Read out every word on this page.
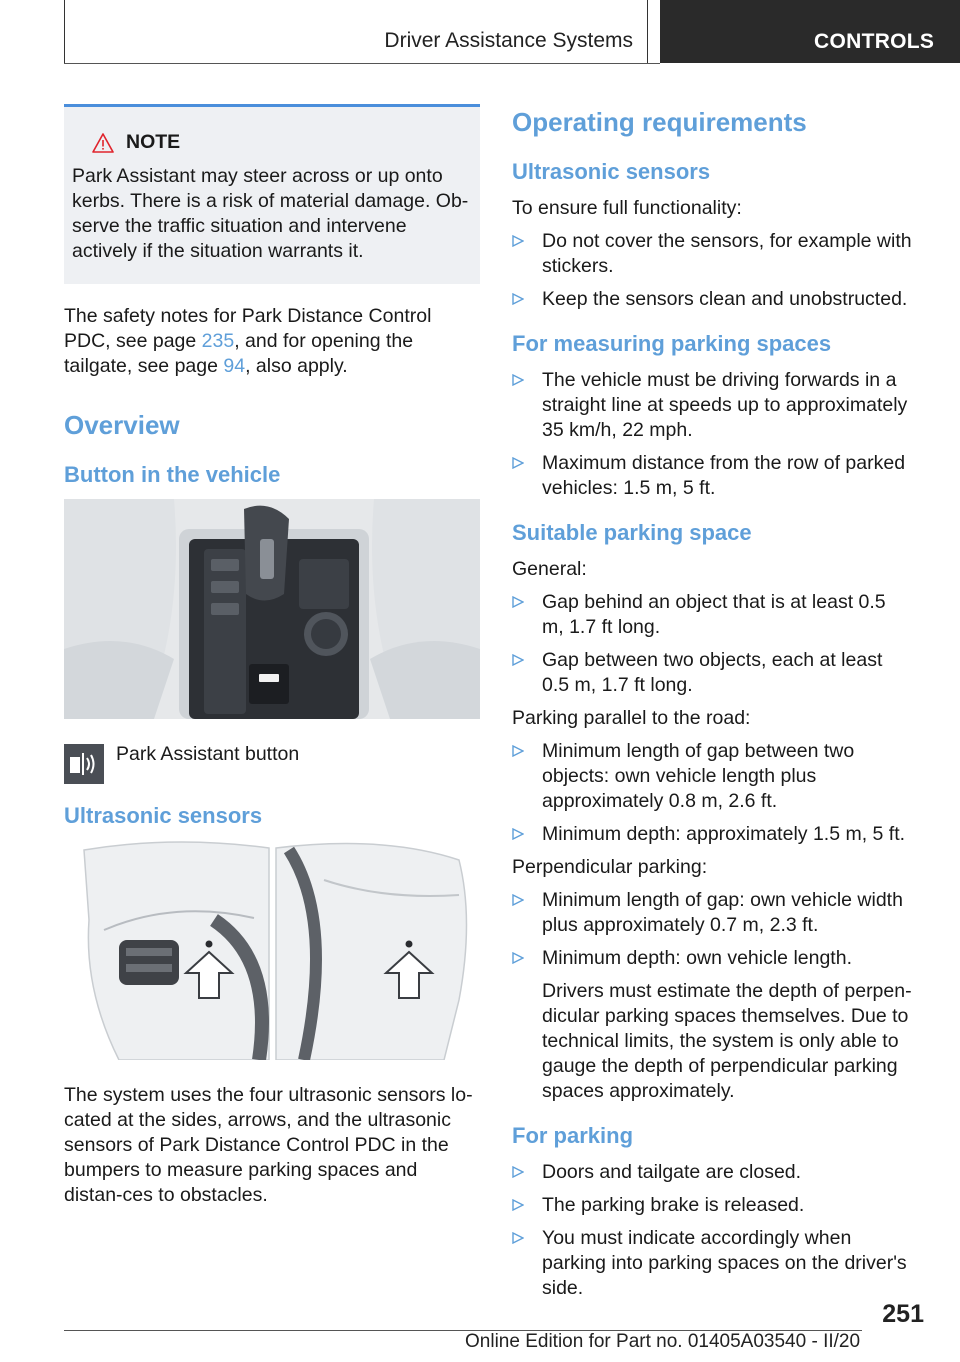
Driver Assistance Systems	CONTROLS
NOTE

Park Assistant may steer across or up onto kerbs. There is a risk of material damage. Ob-serve the traffic situation and intervene actively if the situation warrants it.

The safety notes for Park Distance Control PDC, see page 235, and for opening the tailgate, see page 94, also apply.

Overview
Button in the vehicle
Park Assistant button
Ultrasonic sensors

The system uses the four ultrasonic sensors lo-cated at the sides, arrows, and the ultrasonic sensors of Park Distance Control PDC in the bumpers to measure parking spaces and distan-ces to obstacles.

Operating requirements
Ultrasonic sensors

To ensure full functionality:

Do not cover the sensors, for example with stickers.
Keep the sensors clean and unobstructed.
For measuring parking spaces
The vehicle must be driving forwards in a straight line at speeds up to approximately 35 km/h, 22 mph.
Maximum distance from the row of parked vehicles: 1.5 m, 5 ft.
Suitable parking space

General:

Gap behind an object that is at least 0.5 m, 1.7 ft long.
Gap between two objects, each at least 0.5 m, 1.7 ft long.

Parking parallel to the road:

Minimum length of gap between two objects: own vehicle length plus approximately 0.8 m, 2.6 ft.
Minimum depth: approximately 1.5 m, 5 ft.

Perpendicular parking:

Minimum length of gap: own vehicle width plus approximately 0.7 m, 2.3 ft.
Minimum depth: own vehicle length.
Drivers must estimate the depth of perpen-dicular parking spaces themselves. Due to technical limits, the system is only able to gauge the depth of perpendicular parking spaces approximately.
For parking
Doors and tailgate are closed.
The parking brake is released.
You must indicate accordingly when parking into parking spaces on the driver's side.
251
Online Edition for Part no. 01405A03540 - II/20
